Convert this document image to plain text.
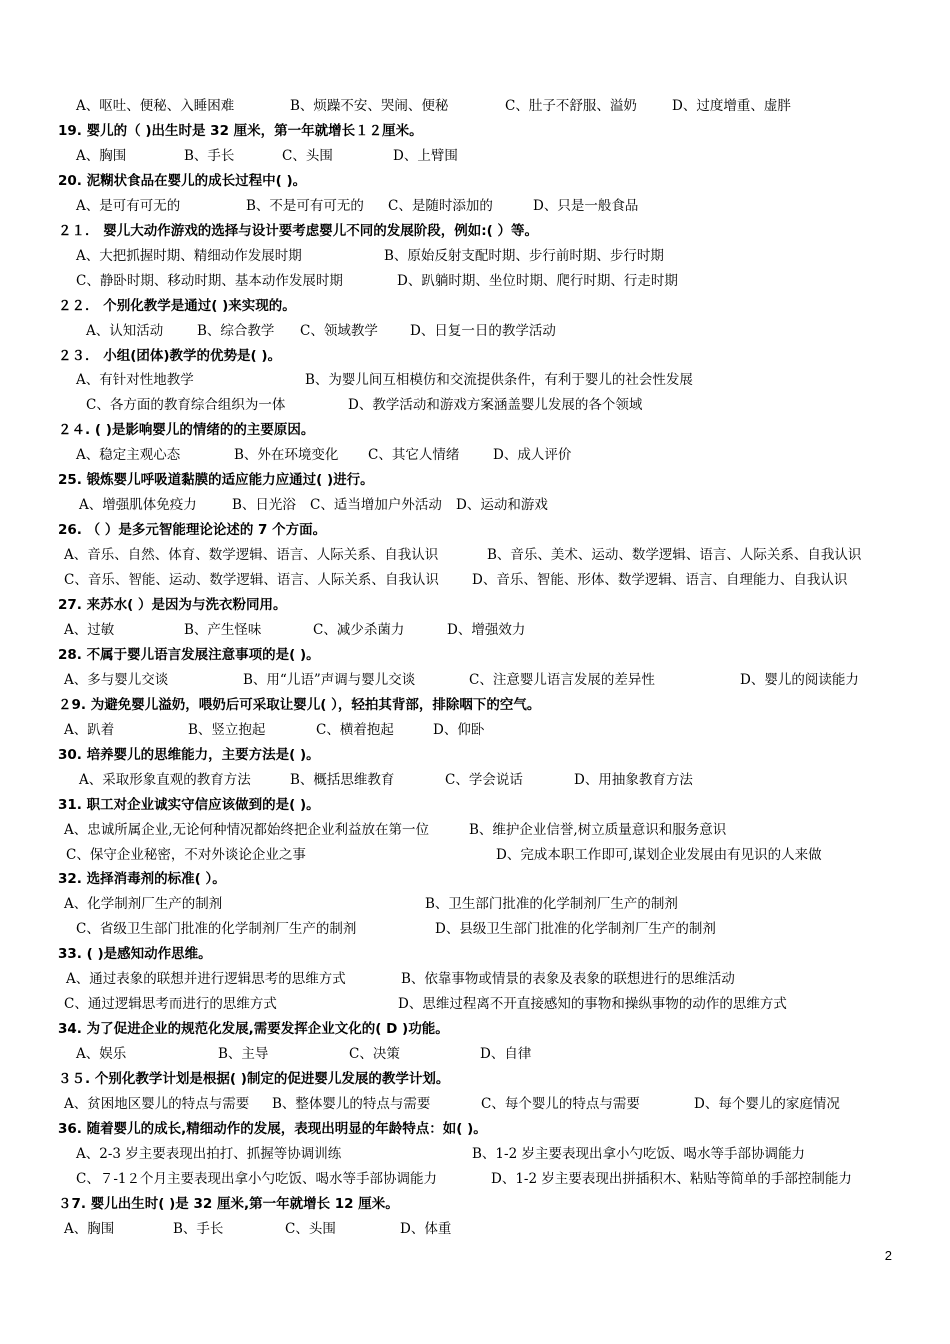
A、呕吐、便秘、入睡困难	B、烦躁不安、哭闹、便秘	C、肚子不舒服、溢奶	D、过度增重、虚胖
19. 婴儿的（ )出生时是 32 厘米，第一年就增长１２厘米。
A、胸围	B、手长	C、头围	D、上臂围
20. 泥糊状食品在婴儿的成长过程中( )。
A、是可有可无的	B、不是可有可无的 C、是随时添加的	D、只是一般食品
２１． 婴儿大动作游戏的选择与设计要考虑婴儿不同的发展阶段，例如:( ）等。
A、大把抓握时期、精细动作发展时期	B、原始反射支配时期、步行前时期、步行时期
C、静卧时期、移动时期、基本动作发展时期	D、趴躺时期、坐位时期、爬行时期、行走时期
２２． 个别化教学是通过( )来实现的。
A、认知活动	B、综合教学 C、领域教学 D、日复一日的教学活动
２３． 小组(团体)教学的优势是( )。
A、有针对性地教学	B、为婴儿间互相模仿和交流提供条件，有利于婴儿的社会性发展
C、各方面的教育综合组织为一体	D、教学活动和游戏方案涵盖婴儿发展的各个领域
２４. ( )是影响婴儿的情绪的的主要原因。
A、稳定主观心态	B、外在环境变化 C、其它人情绪 D、成人评价
25. 锻炼婴儿呼吸道黏膜的适应能力应通过( )进行。
A、增强肌体免疫力	B、日光浴 C、适当增加户外活动 D、运动和游戏
26. （ ）是多元智能理论论述的 7 个方面。
A、音乐、自然、体育、数学逻辑、语言、人际关系、自我认识	B、音乐、美术、运动、数学逻辑、语言、人际关系、自我认识
C、音乐、智能、运动、数学逻辑、语言、人际关系、自我认识 D、音乐、智能、形体、数学逻辑、语言、自理能力、自我认识
27. 来苏水( ）是因为与洗衣粉同用。
A、过敏	B、产生怪味	C、减少杀菌力	D、增强效力
28. 不属于婴儿语言发展注意事项的是( )。
A、多与婴儿交谈	B、用“儿语”声调与婴儿交谈	C、注意婴儿语言发展的差异性	D、婴儿的阅读能力
２9. 为避免婴儿溢奶，喂奶后可采取让婴儿( ），轻拍其背部，排除咽下的空气。
A、趴着	B、竖立抱起	C、横着抱起	D、仰卧
30. 培养婴儿的思维能力，主要方法是( )。
A、采取形象直观的教育方法	B、概括思维教育	C、学会说话	D、用抽象教育方法
31. 职工对企业诚实守信应该做到的是( )。
A、忠诚所属企业,无论何种情况都始终把企业利益放在第一位	B、维护企业信誉,树立质量意识和服务意识
C、保守企业秘密，不对外谈论企业之事	D、完成本职工作即可,谋划企业发展由有见识的人来做
32. 选择消毒剂的标准( ）。
A、化学制剂厂生产的制剂	B、卫生部门批准的化学制剂厂生产的制剂
C、省级卫生部门批准的化学制剂厂生产的制剂	D、县级卫生部门批准的化学制剂厂生产的制剂
33. ( )是感知动作思维。
A、通过表象的联想并进行逻辑思考的思维方式	B、依靠事物或情景的表象及表象的联想进行的思维活动
C、通过逻辑思考而进行的思维方式	D、思维过程离不开直接感知的事物和操纵事物的动作的思维方式
34. 为了促进企业的规范化发展,需要发挥企业文化的( D )功能。
A、娱乐	B、主导	C、决策	D、自律
３５. 个别化教学计划是根据( )制定的促进婴儿发展的教学计划。
A、贫困地区婴儿的特点与需要 B、整体婴儿的特点与需要	C、每个婴儿的特点与需要	D、每个婴儿的家庭情况
36. 随着婴儿的成长,精细动作的发展，表现出明显的年龄特点：如( )。
A、2-3 岁主要表现出拍打、抓握等协调训练	B、1-2 岁主要表现出拿小勺吃饭、喝水等手部协调能力
C、７-1２个月主要表现出拿小勺吃饭、喝水等手部协调能力	D、1-2 岁主要表现出拼插积木、粘贴等简单的手部控制能力
３7. 婴儿出生时( )是 32 厘米,第一年就增长 12 厘米。
A、胸围	B、手长	C、头围	D、体重
2
